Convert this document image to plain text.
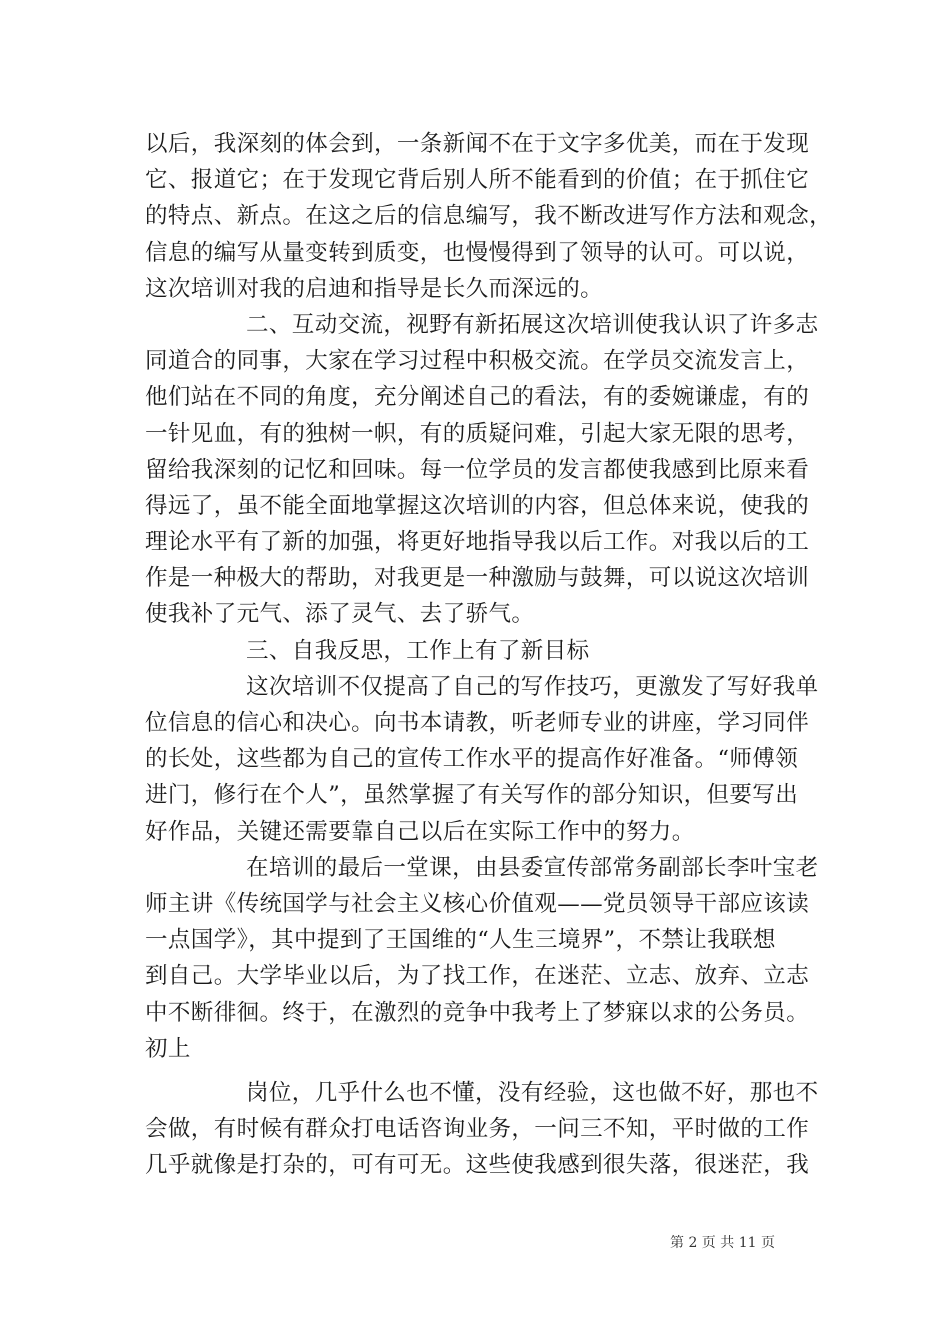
以后，我深刻的体会到，一条新闻不在于文字多优美，而在于发现
它、报道它；在于发现它背后别人所不能看到的价值；在于抓住它
的特点、新点。在这之后的信息编写，我不断改进写作方法和观念，
信息的编写从量变转到质变，也慢慢得到了领导的认可。可以说，
这次培训对我的启迪和指导是长久而深远的。
二、互动交流，视野有新拓展这次培训使我认识了许多志
同道合的同事，大家在学习过程中积极交流。在学员交流发言上，
他们站在不同的角度，充分阐述自己的看法，有的委婉谦虚，有的
一针见血，有的独树一帜，有的质疑问难，引起大家无限的思考，
留给我深刻的记忆和回味。每一位学员的发言都使我感到比原来看
得远了，虽不能全面地掌握这次培训的内容，但总体来说，使我的
理论水平有了新的加强，将更好地指导我以后工作。对我以后的工
作是一种极大的帮助，对我更是一种激励与鼓舞，可以说这次培训
使我补了元气、添了灵气、去了骄气。
三、自我反思，工作上有了新目标
这次培训不仅提高了自己的写作技巧，更激发了写好我单
位信息的信心和决心。向书本请教，听老师专业的讲座，学习同伴
的长处，这些都为自己的宣传工作水平的提高作好准备。“师傅领
进门，修行在个人”，虽然掌握了有关写作的部分知识，但要写出
好作品，关键还需要靠自己以后在实际工作中的努力。
在培训的最后一堂课，由县委宣传部常务副部长李叶宝老
师主讲《传统国学与社会主义核心价值观——党员领导干部应该读
一点国学》，其中提到了王国维的“人生三境界”，不禁让我联想
到自己。大学毕业以后，为了找工作，在迷茫、立志、放弃、立志
中不断徘徊。终于，在激烈的竞争中我考上了梦寐以求的公务员。
初上
岗位，几乎什么也不懂，没有经验，这也做不好，那也不
会做，有时候有群众打电话咨询业务，一问三不知，平时做的工作
几乎就像是打杂的，可有可无。这些使我感到很失落，很迷茫，我
第 2 页 共 11 页
